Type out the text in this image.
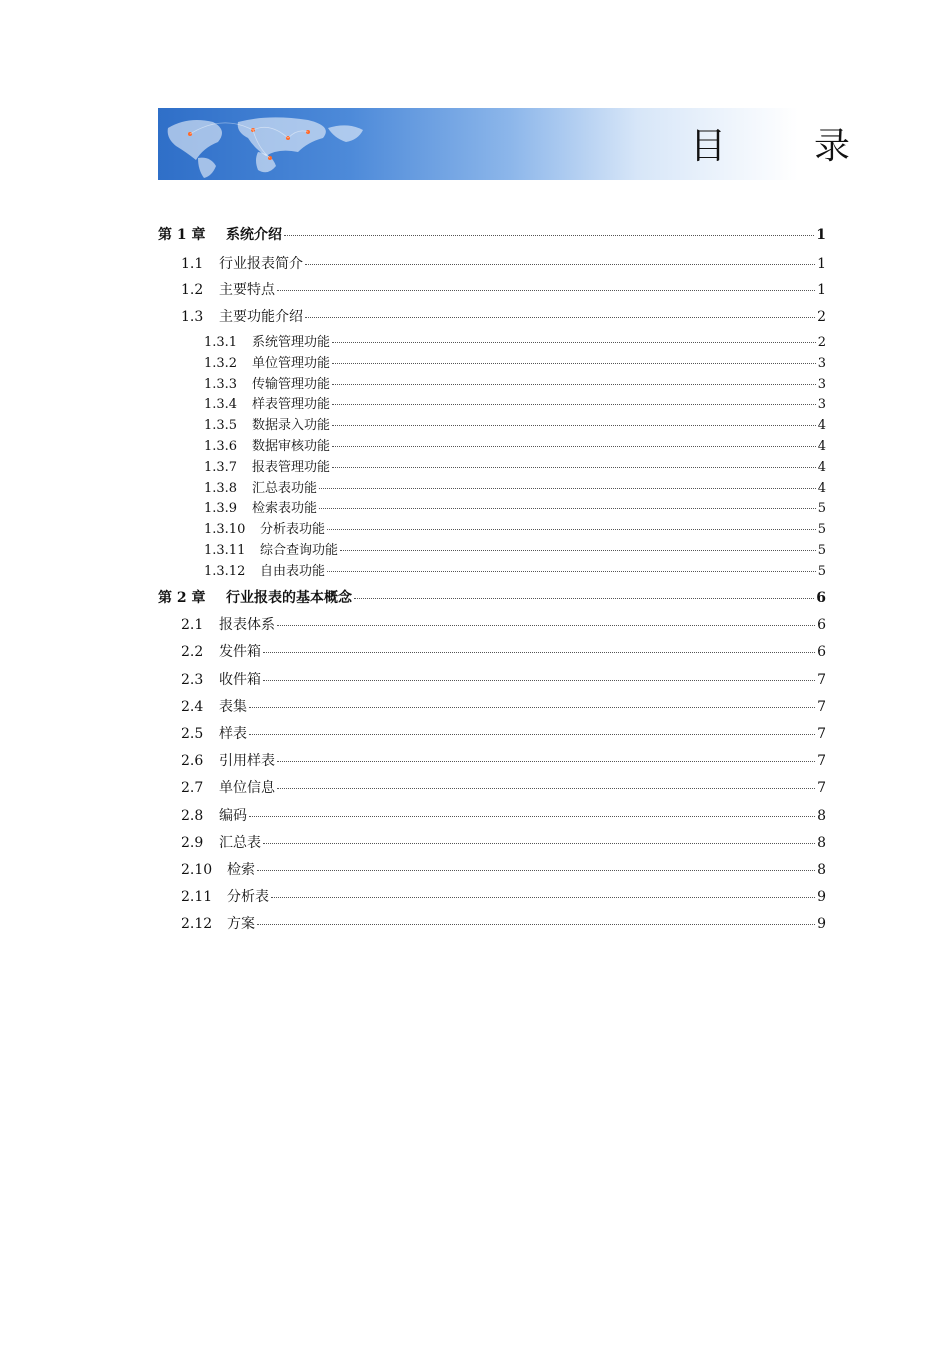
目　录
第 1 章	系统介绍	1
1.1	行业报表简介	1
1.2	主要特点	1
1.3	主要功能介绍	2
1.3.1	系统管理功能	2
1.3.2	单位管理功能	3
1.3.3	传输管理功能	3
1.3.4	样表管理功能	3
1.3.5	数据录入功能	4
1.3.6	数据审核功能	4
1.3.7	报表管理功能	4
1.3.8	汇总表功能	4
1.3.9	检索表功能	5
1.3.10	分析表功能	5
1.3.11	综合查询功能	5
1.3.12	自由表功能	5
第 2 章	行业报表的基本概念	6
2.1	报表体系	6
2.2	发件箱	6
2.3	收件箱	7
2.4	表集	7
2.5	样表	7
2.6	引用样表	7
2.7	单位信息	7
2.8	编码	8
2.9	汇总表	8
2.10	检索	8
2.11	分析表	9
2.12	方案	9
